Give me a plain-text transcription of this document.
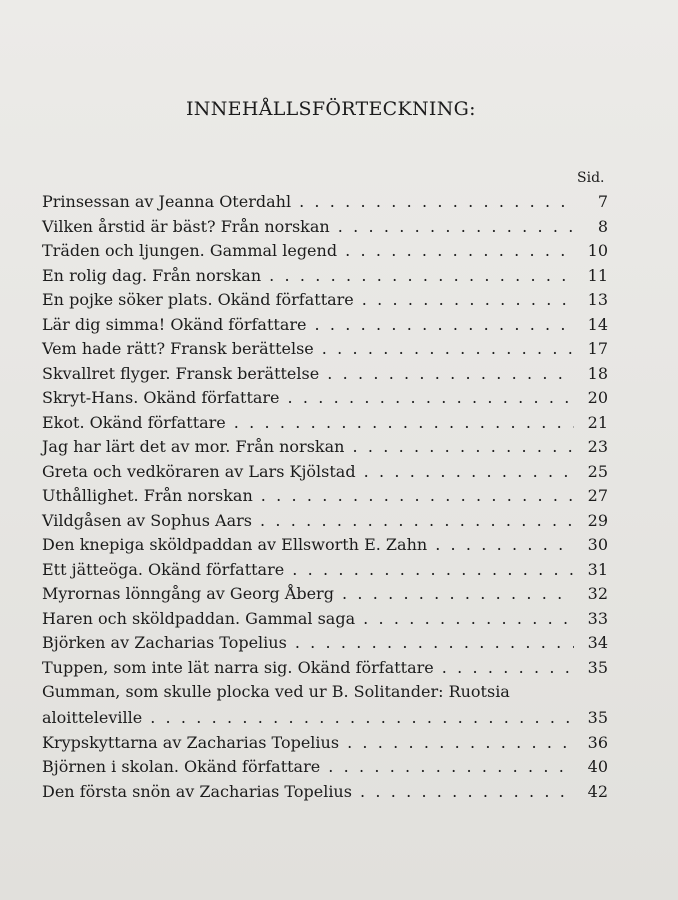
INNEHÅLLSFÖRTECKNING:
Sid.
Prinsessan av Jeanna Oterdahl . . .	7
Vilken årstid är bäst? Från norskan . . .	8
Träden och ljungen. Gammal legend . . .	10
En rolig dag. Från norskan . . .	11
En pojke söker plats. Okänd författare . . .	13
Lär dig simma! Okänd författare . . .	14
Vem hade rätt? Fransk berättelse . . .	17
Skvallret flyger. Fransk berättelse . . .	18
Skryt-Hans. Okänd författare . . .	20
Ekot. Okänd författare . . .	21
Jag har lärt det av mor. Från norskan . . .	23
Greta och vedköraren av Lars Kjölstad . . .	25
Uthållighet. Från norskan . . .	27
Vildgåsen av Sophus Aars . . .	29
Den knepiga sköldpaddan av Ellsworth E. Zahn . . .	30
Ett jätteöga. Okänd författare . . .	31
Myrornas lönngång av Georg Åberg . . .	32
Haren och sköldpaddan. Gammal saga . . .	33
Björken av Zacharias Topelius . . .	34
Tuppen, som inte lät narra sig. Okänd författare . . .	35
Gumman, som skulle plocka ved ur B. Solitander: Ruotsia
aloitteleville . . .	35
Krypskyttarna av Zacharias Topelius . . .	36
Björnen i skolan. Okänd författare . . .	40
Den första snön av Zacharias Topelius . . .	42
